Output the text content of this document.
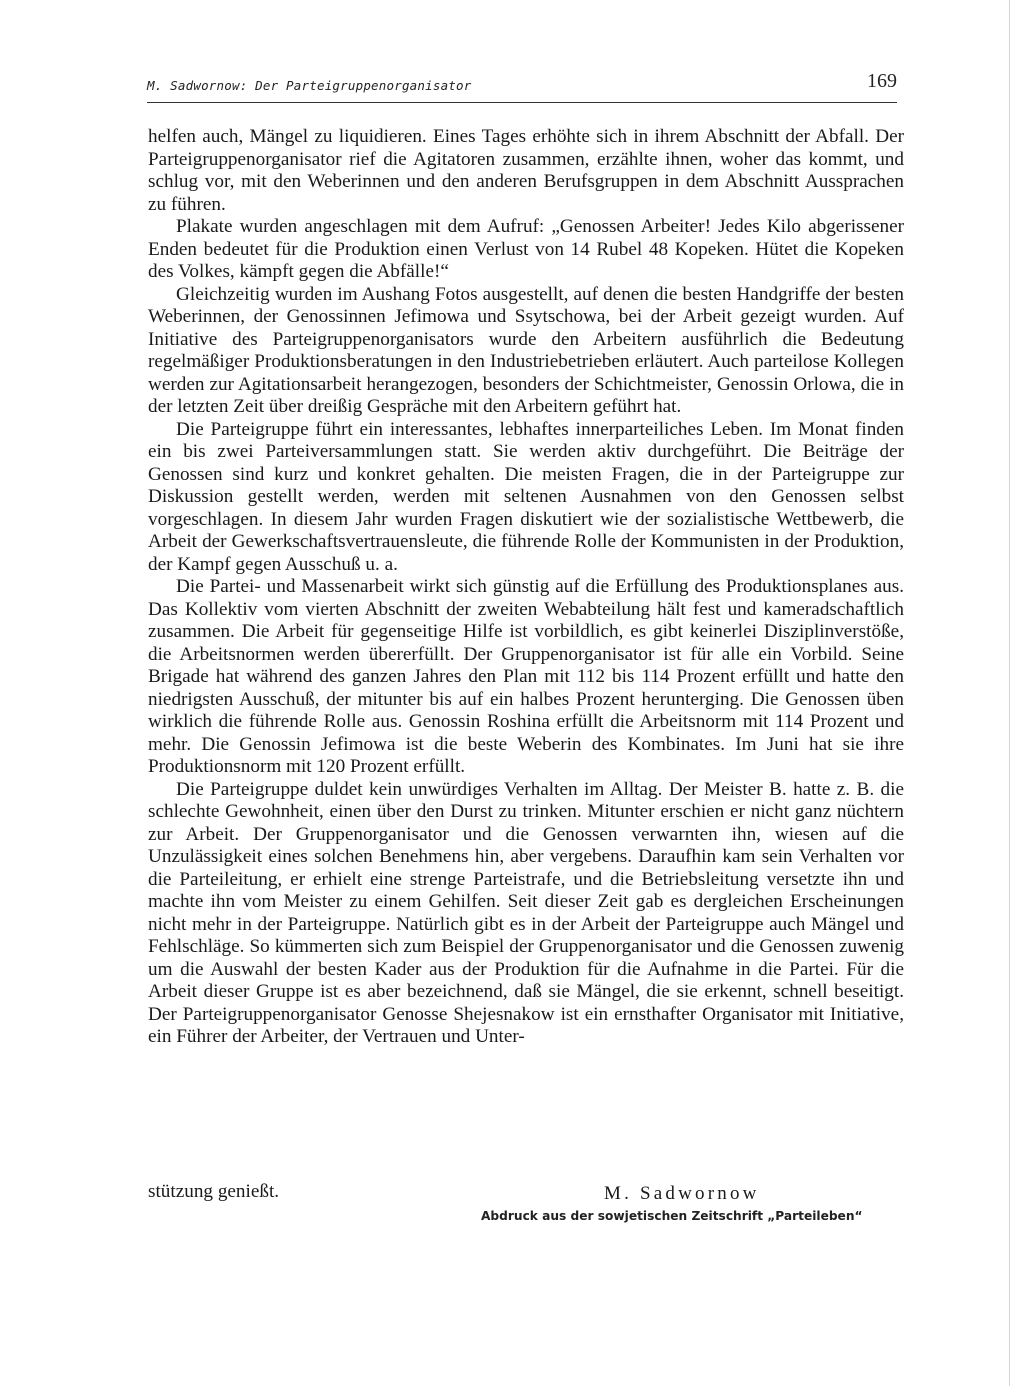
M. Sadwornow: Der Parteigruppenorganisator	169

helfen auch, Mängel zu liquidieren. Eines Tages erhöhte sich in ihrem Abschnitt der Abfall. Der Parteigruppenorganisator rief die Agitatoren zusammen, erzählte ihnen, woher das kommt, und schlug vor, mit den Weberinnen und den anderen Berufsgruppen in dem Abschnitt Aussprachen zu führen.

Plakate wurden angeschlagen mit dem Aufruf: „Genossen Arbeiter! Jedes Kilo abgerissener Enden bedeutet für die Produktion einen Verlust von 14 Rubel 48 Kopeken. Hütet die Kopeken des Volkes, kämpft gegen die Abfälle!“

Gleichzeitig wurden im Aushang Fotos ausgestellt, auf denen die besten Handgriffe der besten Weberinnen, der Genossinnen Jefimowa und Ssytschowa, bei der Arbeit gezeigt wurden. Auf Initiative des Parteigruppenorganisators wurde den Arbeitern ausführlich die Bedeutung regelmäßiger Produktionsberatungen in den Industriebetrieben erläutert. Auch parteilose Kollegen werden zur Agitationsarbeit herangezogen, besonders der Schichtmeister, Genossin Orlowa, die in der letzten Zeit über dreißig Gespräche mit den Arbeitern geführt hat.

Die Parteigruppe führt ein interessantes, lebhaftes innerparteiliches Leben. Im Monat finden ein bis zwei Parteiversammlungen statt. Sie werden aktiv durchgeführt. Die Beiträge der Genossen sind kurz und konkret gehalten. Die meisten Fragen, die in der Parteigruppe zur Diskussion gestellt werden, werden mit seltenen Ausnahmen von den Genossen selbst vorgeschlagen. In diesem Jahr wurden Fragen diskutiert wie der sozialistische Wettbewerb, die Arbeit der Gewerkschaftsvertrauensleute, die führende Rolle der Kommunisten in der Produktion, der Kampf gegen Ausschuß u. a.

Die Partei- und Massenarbeit wirkt sich günstig auf die Erfüllung des Produktionsplanes aus. Das Kollektiv vom vierten Abschnitt der zweiten Webabteilung hält fest und kameradschaftlich zusammen. Die Arbeit für gegenseitige Hilfe ist vorbildlich, es gibt keinerlei Disziplinverstöße, die Arbeitsnormen werden übererfüllt. Der Gruppenorganisator ist für alle ein Vorbild. Seine Brigade hat während des ganzen Jahres den Plan mit 112 bis 114 Prozent erfüllt und hatte den niedrigsten Ausschuß, der mitunter bis auf ein halbes Prozent herunterging. Die Genossen üben wirklich die führende Rolle aus. Genossin Roshina erfüllt die Arbeitsnorm mit 114 Prozent und mehr. Die Genossin Jefimowa ist die beste Weberin des Kombinates. Im Juni hat sie ihre Produktionsnorm mit 120 Prozent erfüllt.

Die Parteigruppe duldet kein unwürdiges Verhalten im Alltag. Der Meister B. hatte z. B. die schlechte Gewohnheit, einen über den Durst zu trinken. Mitunter erschien er nicht ganz nüchtern zur Arbeit. Der Gruppenorganisator und die Genossen verwarnten ihn, wiesen auf die Unzulässigkeit eines solchen Benehmens hin, aber vergebens. Daraufhin kam sein Verhalten vor die Parteileitung, er erhielt eine strenge Parteistrafe, und die Betriebsleitung versetzte ihn und machte ihn vom Meister zu einem Gehilfen. Seit dieser Zeit gab es dergleichen Erscheinungen nicht mehr in der Parteigruppe. Natürlich gibt es in der Arbeit der Parteigruppe auch Mängel und Fehlschläge. So kümmerten sich zum Beispiel der Gruppenorganisator und die Genossen zuwenig um die Auswahl der besten Kader aus der Produktion für die Aufnahme in die Partei. Für die Arbeit dieser Gruppe ist es aber bezeichnend, daß sie Mängel, die sie erkennt, schnell beseitigt. Der Parteigruppenorganisator Genosse Shejesnakow ist ein ernsthafter Organisator mit Initiative, ein Führer der Arbeiter, der Vertrauen und Unter-

stützung genießt.	M. Sadwornow
Abdruck aus der sowjetischen Zeitschrift „Parteileben“
